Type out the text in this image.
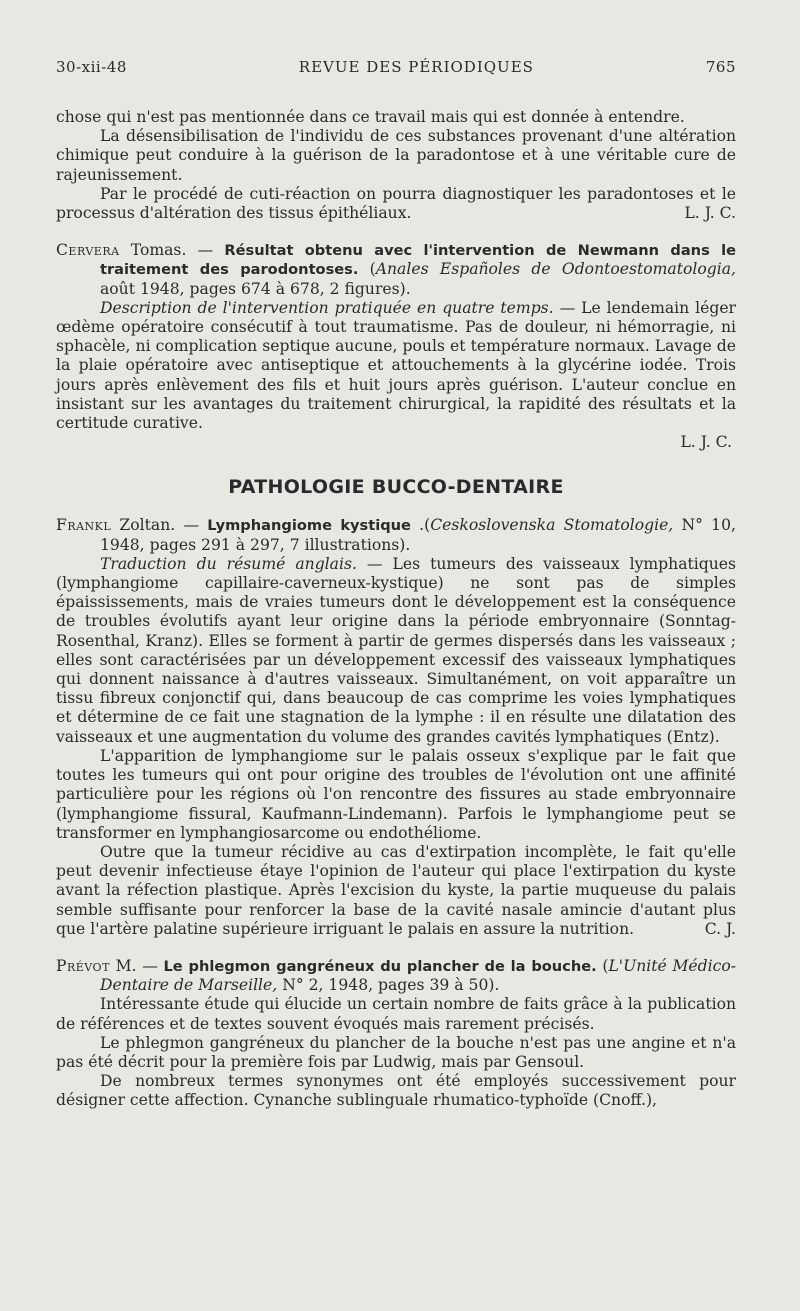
30-xii-48	REVUE DES PÉRIODIQUES	765

chose qui n'est pas mentionnée dans ce travail mais qui est donnée à entendre.

La désensibilisation de l'individu de ces substances provenant d'une altération chimique peut conduire à la guérison de la paradontose et à une véritable cure de rajeunissement.

Par le procédé de cuti-réaction on pourra diagnostiquer les paradontoses et le processus d'altération des tissus épithéliaux.	L. J. C.

Cervera Tomas. — Résultat obtenu avec l'intervention de Newmann dans le traitement des parodontoses. (Anales Españoles de Odontoestomatologia, août 1948, pages 674 à 678, 2 figures).

Description de l'intervention pratiquée en quatre temps. — Le lendemain léger œdème opératoire consécutif à tout traumatisme. Pas de douleur, ni hémorragie, ni sphacèle, ni complication septique aucune, pouls et température normaux. Lavage de la plaie opératoire avec antiseptique et attouchements à la glycérine iodée. Trois jours après enlèvement des fils et huit jours après guérison. L'auteur conclue en insistant sur les avantages du traitement chirurgical, la rapidité des résultats et la certitude curative.

L. J. C.
PATHOLOGIE BUCCO-DENTAIRE

Frankl Zoltan. — Lymphangiome kystique .(Ceskoslovenska Stomatologie, N° 10, 1948, pages 291 à 297, 7 illustrations).

Traduction du résumé anglais. — Les tumeurs des vaisseaux lymphatiques (lymphangiome capillaire-caverneux-kystique) ne sont pas de simples épaississements, mais de vraies tumeurs dont le développement est la conséquence de troubles évolutifs ayant leur origine dans la période embryonnaire (Sonntag-Rosenthal, Kranz). Elles se forment à partir de germes dispersés dans les vaisseaux ; elles sont caractérisées par un développement excessif des vaisseaux lymphatiques qui donnent naissance à d'autres vaisseaux. Simultanément, on voit apparaître un tissu fibreux conjonctif qui, dans beaucoup de cas comprime les voies lymphatiques et détermine de ce fait une stagnation de la lymphe : il en résulte une dilatation des vaisseaux et une augmentation du volume des grandes cavités lymphatiques (Entz).

L'apparition de lymphangiome sur le palais osseux s'explique par le fait que toutes les tumeurs qui ont pour origine des troubles de l'évolution ont une affinité particulière pour les régions où l'on rencontre des fissures au stade embryonnaire (lymphangiome fissural, Kaufmann-Lindemann). Parfois le lymphangiome peut se transformer en lymphangiosarcome ou endothéliome.

Outre que la tumeur récidive au cas d'extirpation incomplète, le fait qu'elle peut devenir infectieuse étaye l'opinion de l'auteur qui place l'extirpation du kyste avant la réfection plastique. Après l'excision du kyste, la partie muqueuse du palais semble suffisante pour renforcer la base de la cavité nasale amincie d'autant plus que l'artère palatine supérieure irriguant le palais en assure la nutrition.	C. J.

Prévot M. — Le phlegmon gangréneux du plancher de la bouche. (L'Unité Médico-Dentaire de Marseille, N° 2, 1948, pages 39 à 50).

Intéressante étude qui élucide un certain nombre de faits grâce à la publication de références et de textes souvent évoqués mais rarement précisés.

Le phlegmon gangréneux du plancher de la bouche n'est pas une angine et n'a pas été décrit pour la première fois par Ludwig, mais par Gensoul.

De nombreux termes synonymes ont été employés successivement pour désigner cette affection. Cynanche sublinguale rhumatico-typhoïde (Cnoff.),
